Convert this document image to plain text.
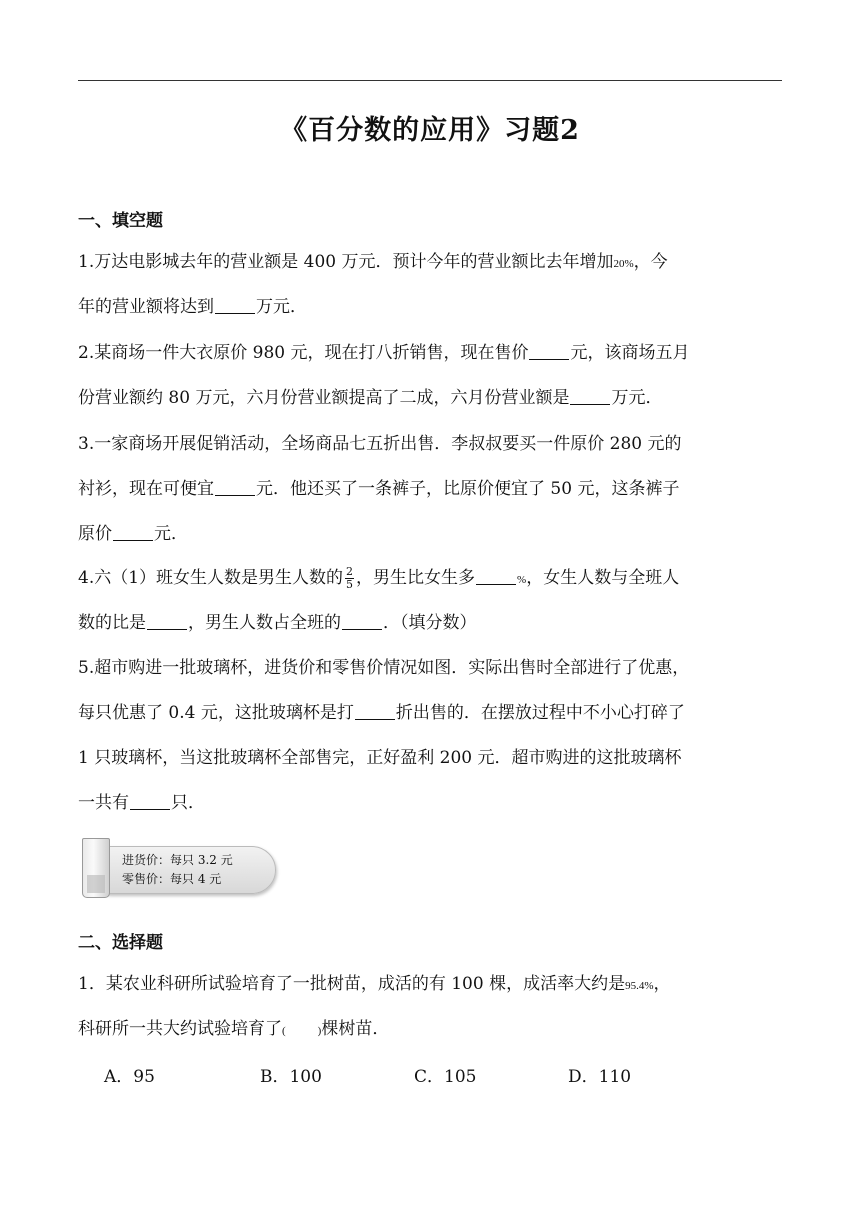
《百分数的应用》习题2
一、填空题
1.万达电影城去年的营业额是 400 万元．预计今年的营业额比去年增加20%，今
年的营业额将达到 万元．
2.某商场一件大衣原价 980 元，现在打八折销售，现在售价 元，该商场五月
份营业额约 80 万元，六月份营业额提高了二成，六月份营业额是 万元．
3.一家商场开展促销活动，全场商品七五折出售．李叔叔要买一件原价 280 元的
衬衫，现在可便宜 元．他还买了一条裤子，比原价便宜了 50 元，这条裤子
原价 元．
4.六（1）班女生人数是男生人数的 $\frac{2}{5}$ ，男生比女生多	%，女生人数与全班人
数的比是 ，男生人数占全班的 ．（填分数）
5.超市购进一批玻璃杯，进货价和零售价情况如图．实际出售时全部进行了优惠，
每只优惠了 0.4 元，这批玻璃杯是打 折出售的．在摆放过程中不小心打碎了
1 只玻璃杯，当这批玻璃杯全部售完，正好盈利 200 元．超市购进的这批玻璃杯
一共有 只．
进货价：每只 3.2 元
零售价：每只 4 元
二、选择题
1．某农业科研所试验培育了一批树苗，成活的有 100 棵，成活率大约是95.4%，
科研所一共大约试验培育了(	)棵树苗．
A．95	B．100	C．105	D．110
